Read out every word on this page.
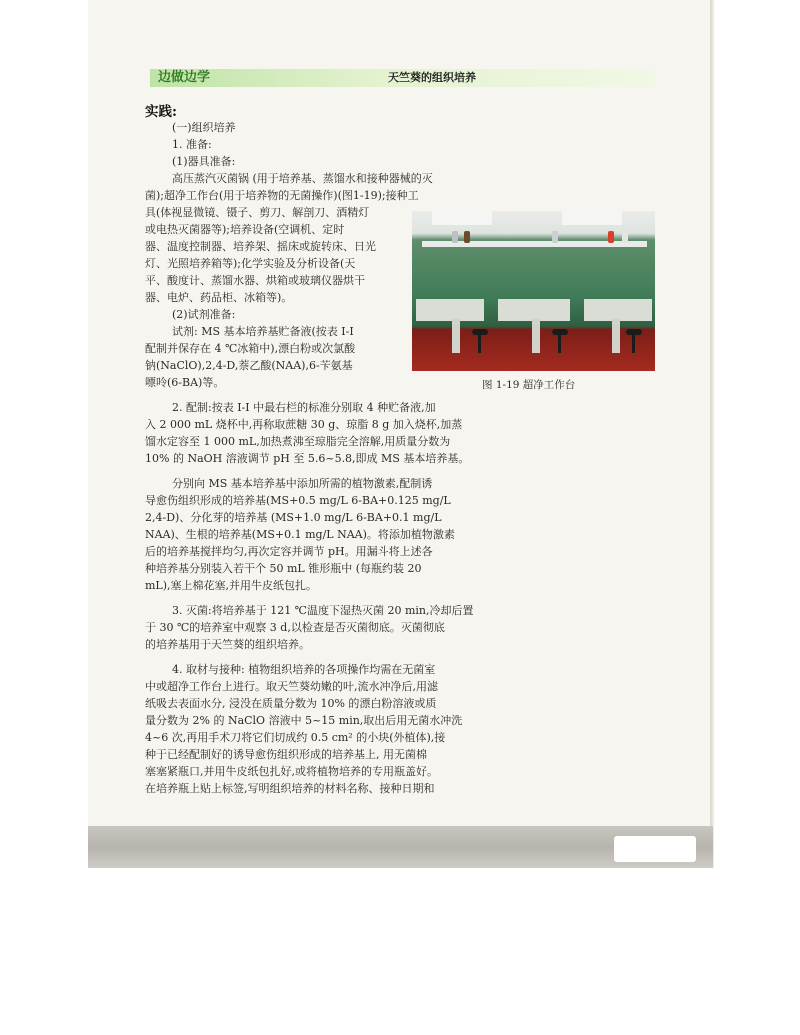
边做边学	天竺葵的组织培养
实践:
(一)组织培养
1. 准备:
(1)器具准备:
高压蒸汽灭菌锅 (用于培养基、蒸馏水和接种器械的灭
菌);超净工作台(用于培养物的无菌操作)(图1-19);接种工
具(体视显微镜、镊子、剪刀、解剖刀、酒精灯
或电热灭菌器等);培养设备(空调机、定时
器、温度控制器、培养架、摇床或旋转床、日光
灯、光照培养箱等);化学实验及分析设备(天
平、酸度计、蒸馏水器、烘箱或玻璃仪器烘干
器、电炉、药品柜、冰箱等)。
(2)试剂准备:
试剂: MS 基本培养基贮备液(按表 Ⅰ-Ⅰ
配制并保存在 4 ℃冰箱中),漂白粉或次氯酸
钠(NaClO),2,4-D,萘乙酸(NAA),6-苄氨基
嘌呤(6-BA)等。
2. 配制:按表 Ⅰ-Ⅰ 中最右栏的标准分别取 4 种贮备液,加
入 2 000 mL 烧杯中,再称取蔗糖 30 g、琼脂 8 g 加入烧杯,加蒸
馏水定容至 1 000 mL,加热煮沸至琼脂完全溶解,用质量分数为
10% 的 NaOH 溶液调节 pH 至 5.6~5.8,即成 MS 基本培养基。
分别向 MS 基本培养基中添加所需的植物激素,配制诱
导愈伤组织形成的培养基(MS+0.5 mg/L 6-BA+0.125 mg/L
2,4-D)、分化芽的培养基 (MS+1.0 mg/L 6-BA+0.1 mg/L
NAA)、生根的培养基(MS+0.1 mg/L NAA)。将添加植物激素
后的培养基搅拌均匀,再次定容并调节 pH。用漏斗将上述各
种培养基分别装入若干个 50 mL 锥形瓶中 (每瓶约装 20
mL),塞上棉花塞,并用牛皮纸包扎。
3. 灭菌:将培养基于 121 ℃温度下湿热灭菌 20 min,冷却后置
于 30 ℃的培养室中观察 3 d,以检查是否灭菌彻底。灭菌彻底
的培养基用于天竺葵的组织培养。
4. 取材与接种: 植物组织培养的各项操作均需在无菌室
中或超净工作台上进行。取天竺葵幼嫩的叶,流水冲净后,用滤
纸吸去表面水分, 浸没在质量分数为 10% 的漂白粉溶液或质
量分数为 2% 的 NaClO 溶液中 5~15 min,取出后用无菌水冲洗
4~6 次,再用手术刀将它们切成约 0.5 cm² 的小块(外植体),接
种于已经配制好的诱导愈伤组织形成的培养基上, 用无菌棉
塞塞紧瓶口,并用牛皮纸包扎好,或将植物培养的专用瓶盖好。
在培养瓶上贴上标签,写明组织培养的材料名称、接种日期和
图 1-19 超净工作台
